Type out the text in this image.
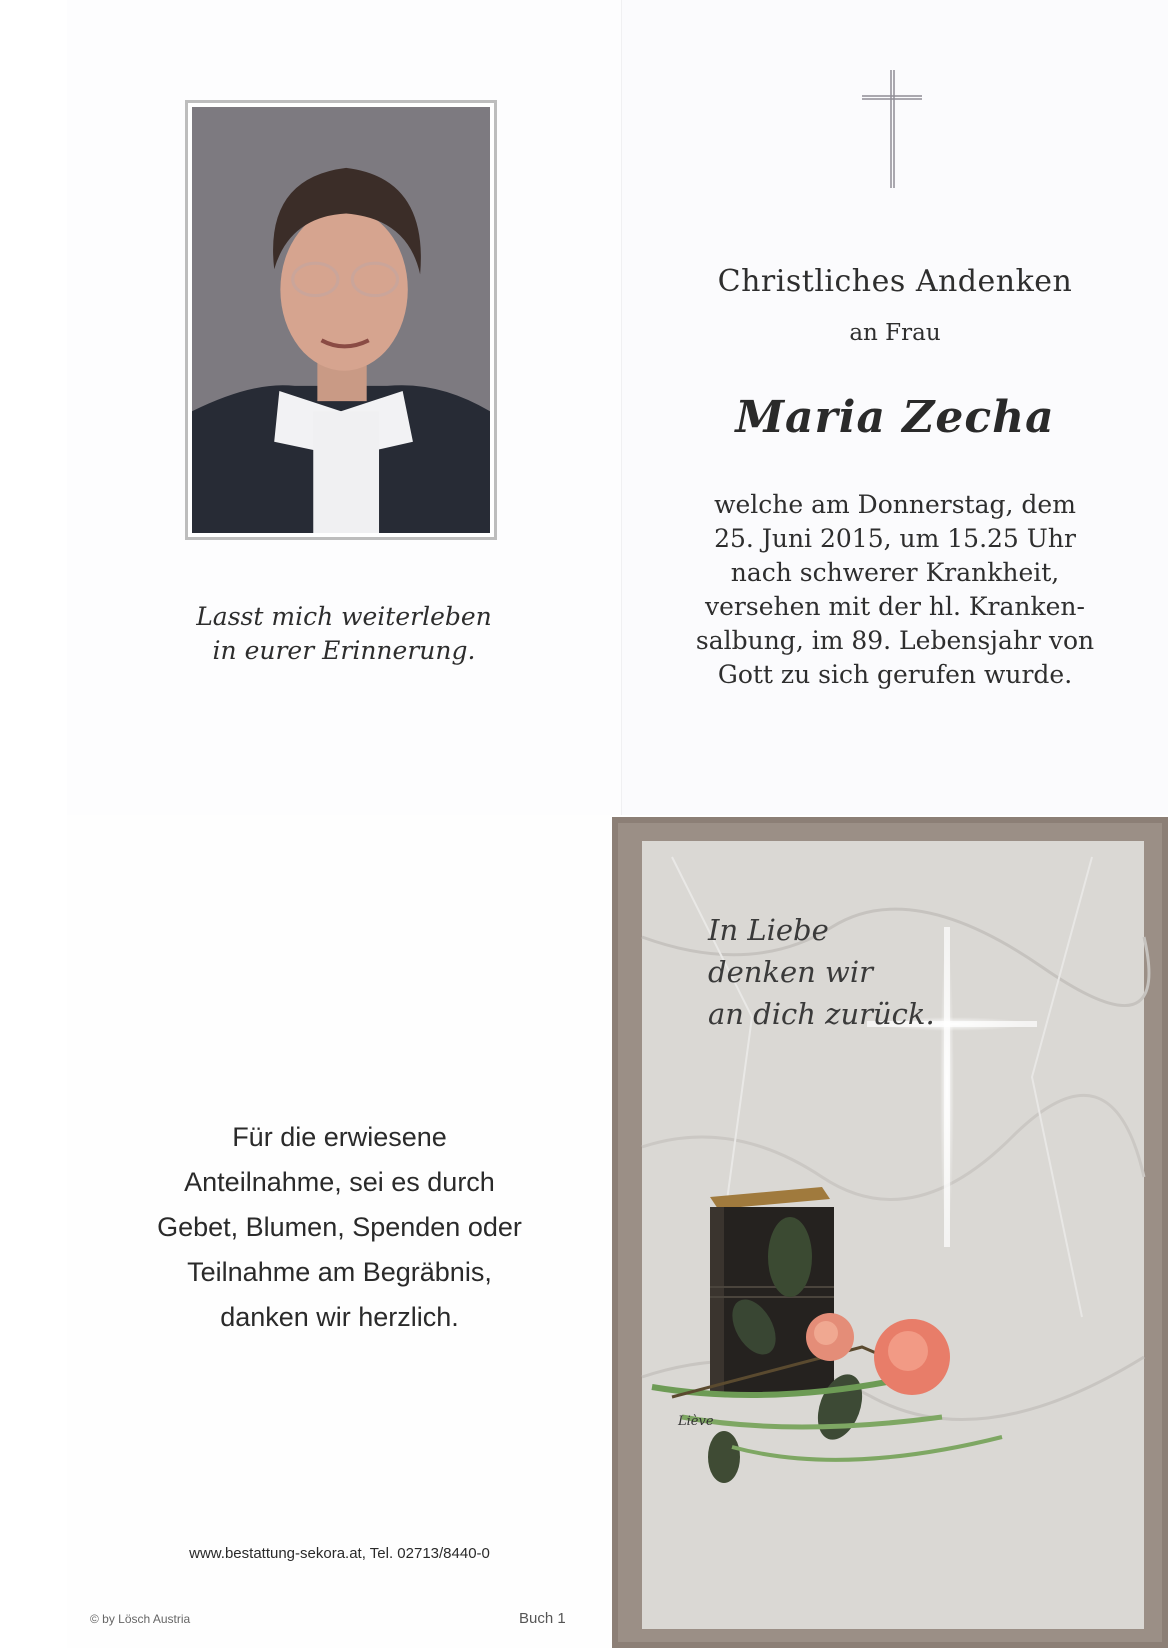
Lasst mich weiterleben
in eurer Erinnerung.
Christliches Andenken
an Frau
Maria Zecha
welche am Donnerstag, dem
25. Juni 2015, um 15.25 Uhr
nach schwerer Krankheit,
versehen mit der hl. Kranken-
salbung, im 89. Lebensjahr von
Gott zu sich gerufen wurde.
Für die erwiesene
Anteilnahme, sei es durch
Gebet, Blumen, Spenden oder
Teilnahme am Begräbnis,
danken wir herzlich.
www.bestattung-sekora.at, Tel. 02713/8440-0
© by Lösch Austria	Buch 1
In Liebe
denken wir
an dich zurück.
Liève
